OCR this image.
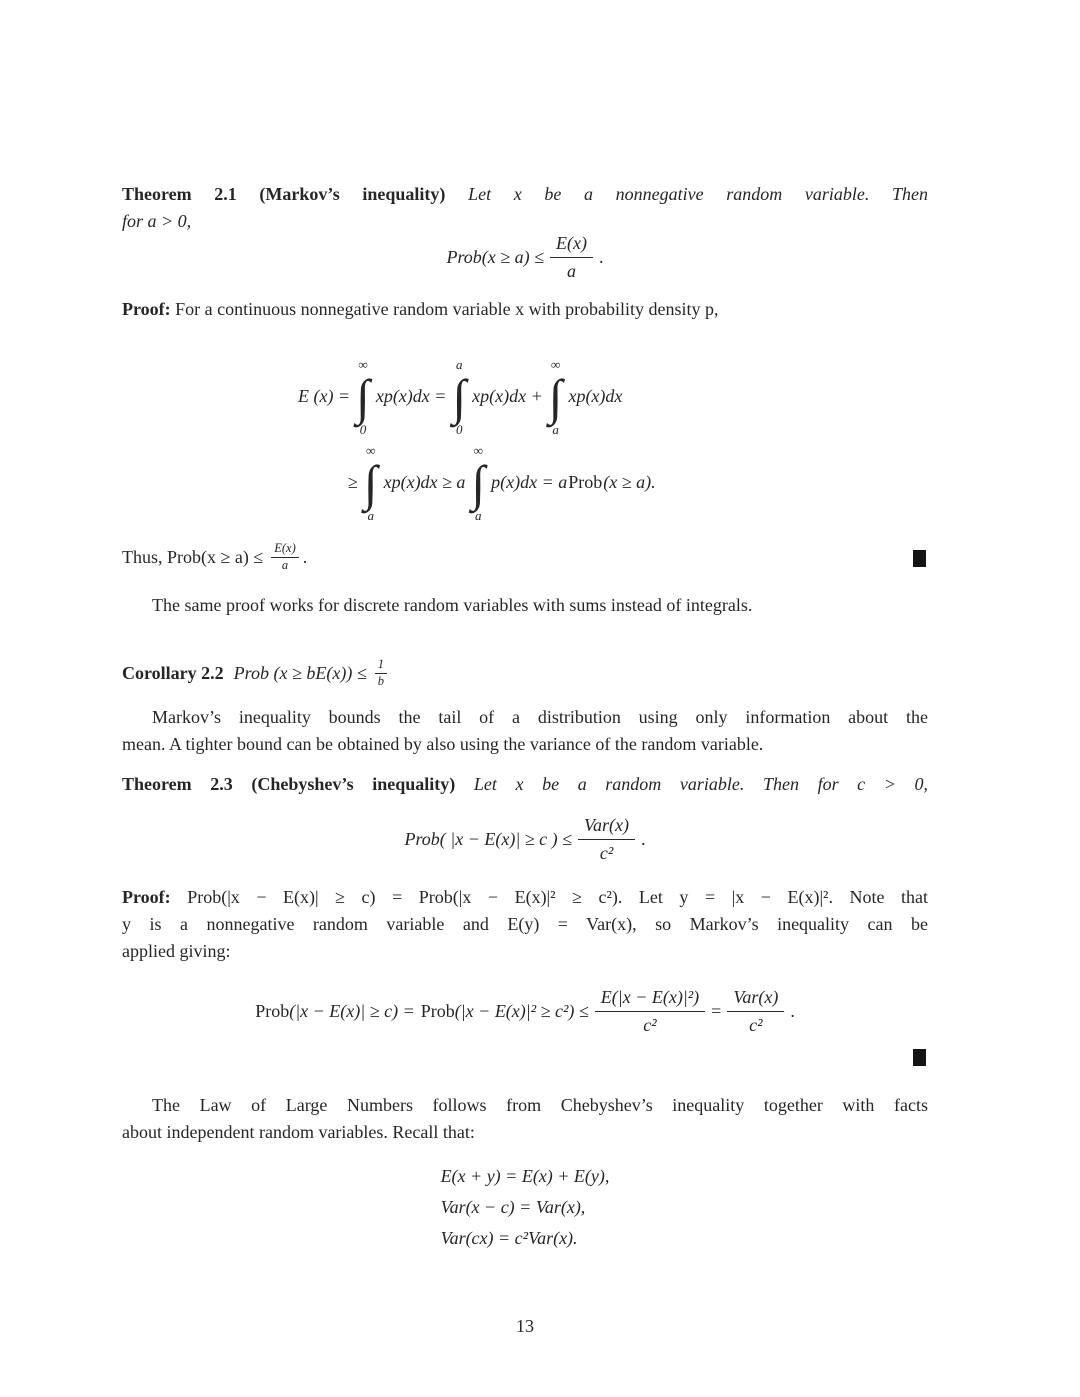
Theorem 2.1 (Markov’s inequality) Let x be a nonnegative random variable. Then
for a > 0,
Prob(x ≥ $a) \le \frac{E(x)}{a}$ .
Proof: For a continuous nonnegative random variable x with probability density p,
E (x) =
∞
∫
0
xp(x)dx =
a
∫
0
xp(x)dx +
∞
∫
a
xp(x)dx
≥
∞
∫
a
xp(x)dx ≥ a
∞
∫
a
p(x)dx = a Prob (x ≥ a).
Thus, Prob(x ≥ $a) \le \frac{E(x)}{a}$ .
The same proof works for discrete random variables with sums instead of integrals.
Corollary 2.2 Prob $(x \ge bE(x)) \le \frac{1}{b}$
Markov’s inequality bounds the tail of a distribution using only information about the
mean. A tighter bound can be obtained by also using the variance of the random variable.
Theorem 2.3 (Chebyshev’s inequality) Let x be a random variable. Then for c > 0,
Prob( |x − E(x)| ≥ c ) ≤ $\frac{\text{Var(x)}}{\text{c²}}$ .
Proof: Prob(|x − E(x)| ≥ c) = Prob(|x − E(x)|² ≥ c²). Let y = |x − E(x)|². Note that
y is a nonnegative random variable and E(y) = Var(x), so Markov’s inequality can be
applied giving:
Prob (|x − E(x)| ≥ c) = Prob $(|x - E(x)|^2 \ge c^2) \le \frac{\text{E(|x − E(x)|²)}}{\text{c²}} = \frac{\text{Var(x)}}{\text{c²}}$ .
The Law of Large Numbers follows from Chebyshev’s inequality together with facts
about independent random variables. Recall that:
E(x + y) = E(x) + E(y),
Var(x − c) = Var(x),
Var(cx) = c²Var(x).
13
